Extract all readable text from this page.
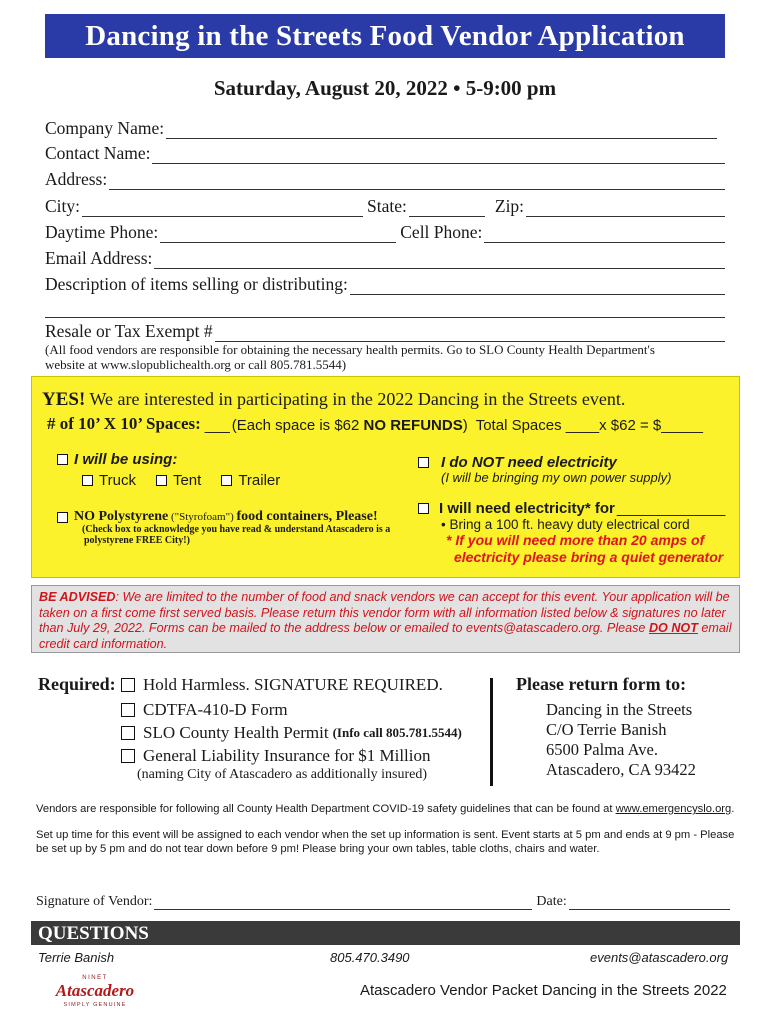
Dancing in the Streets Food Vendor Application
Saturday, August 20, 2022 • 5-9:00 pm
Company Name:
Contact Name:
Address:
City:	State:	Zip:
Daytime Phone:	Cell Phone:
Email Address:
Description of items selling or distributing:
Resale or Tax Exempt #
(All food vendors are responsible for obtaining the necessary health permits. Go to SLO County Health Department's
website at www.slopublichealth.org or call 805.781.5544)
YES! We are interested in participating in the 2022 Dancing in the Streets event.
# of 10’ X 10’ Spaces: ___ (Each space is $62 NO REFUNDS) Total Spaces ____x $62 = $_____
I will be using:
Truck Tent Trailer
NO Polystyrene ("Styrofoam") food containers, Please!
(Check box to acknowledge you have read & understand Atascadero is a
polystyrene FREE City!)
I do NOT need electricity
(I will be bringing my own power supply)
I will need electricity* for _____________
• Bring a 100 ft. heavy duty electrical cord
* If you will need more than 20 amps of
electricity please bring a quiet generator
BE ADVISED: We are limited to the number of food and snack vendors we can accept for this event. Your application will be taken on a first come first served basis. Please return this vendor form with all information listed below & signatures no later than July 29, 2022. Forms can be mailed to the address below or emailed to events@atascadero.org. Please DO NOT email credit card information.
Required: Hold Harmless. SIGNATURE REQUIRED.
CDTFA-410-D Form
SLO County Health Permit (Info call 805.781.5544)
General Liability Insurance for $1 Million
(naming City of Atascadero as additionally insured)
Please return form to:
Dancing in the Streets
C/O Terrie Banish
6500 Palma Ave.
Atascadero, CA 93422
Vendors are responsible for following all County Health Department COVID-19 safety guidelines that can be found at www.emergencyslo.org.
Set up time for this event will be assigned to each vendor when the set up information is sent. Event starts at 5 pm and ends at 9 pm - Please be set up by 5 pm and do not tear down before 9 pm! Please bring your own tables, table cloths, chairs and water.
Signature of Vendor:	Date:
QUESTIONS
Terrie Banish	805.470.3490	events@atascadero.org
NINET
Atascadero
SIMPLY GENUINE
Atascadero Vendor Packet Dancing in the Streets 2022
